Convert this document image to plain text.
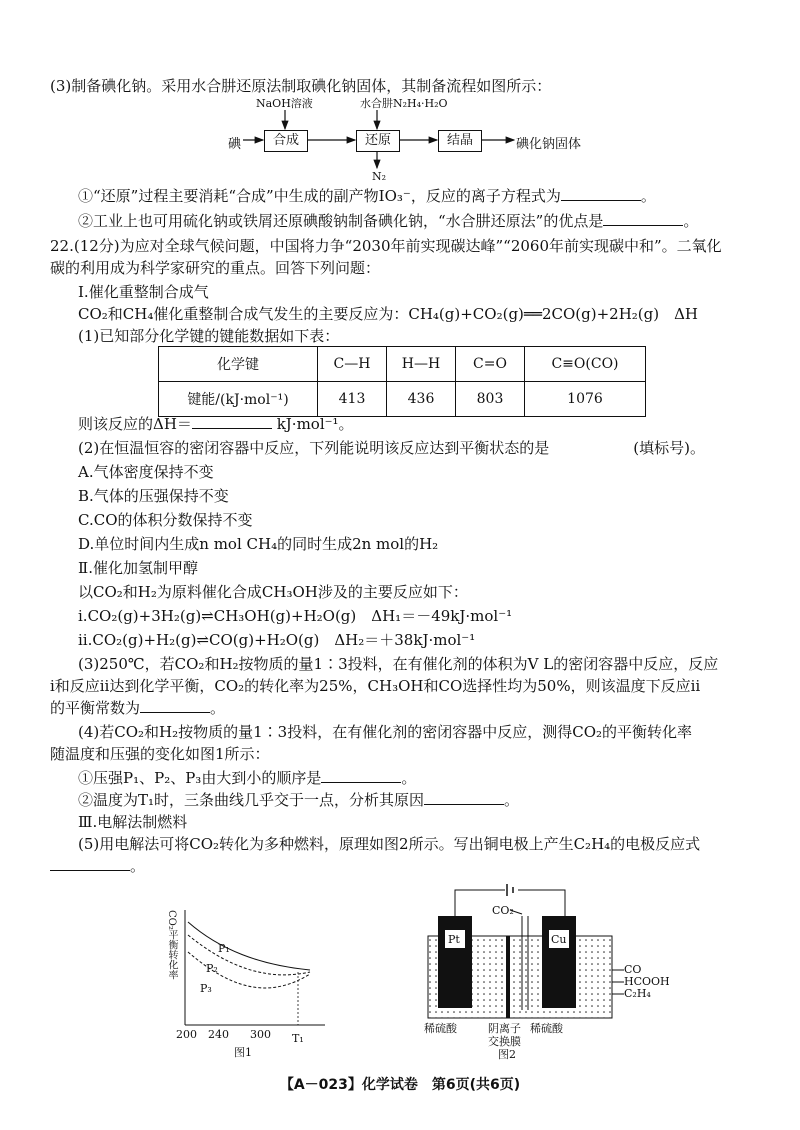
(3)制备碘化钠。采用水合肼还原法制取碘化钠固体，其制备流程如图所示：
NaOH溶液	水合肼N₂H₄·H₂O
碘	合成	还原	结晶	碘化钠固体
N₂
①“还原”过程主要消耗“合成”中生成的副产物IO₃⁻，反应的离子方程式为	。
②工业上也可用硫化钠或铁屑还原碘酸钠制备碘化钠，“水合肼还原法”的优点是	。
22.(12分)为应对全球气候问题，中国将力争“2030年前实现碳达峰”“2060年前实现碳中和”。二氧化
碳的利用成为科学家研究的重点。回答下列问题：
Ⅰ.催化重整制合成气
CO₂和CH₄催化重整制合成气发生的主要反应为：CH₄(g)+CO₂(g)══2CO(g)+2H₂(g)　ΔH
(1)已知部分化学键的键能数据如下表：
化学键	C—H	H—H	C=O	C≡O(CO)
键能/(kJ·mol⁻¹)	413	436	803	1076
则该反应的ΔH＝	kJ·mol⁻¹。
(2)在恒温恒容的密闭容器中反应，下列能说明该反应达到平衡状态的是	(填标号)。
A.气体密度保持不变
B.气体的压强保持不变
C.CO的体积分数保持不变
D.单位时间内生成n mol CH₄的同时生成2n mol的H₂
Ⅱ.催化加氢制甲醇
以CO₂和H₂为原料催化合成CH₃OH涉及的主要反应如下：
ⅰ.CO₂(g)+3H₂(g)⇌CH₃OH(g)+H₂O(g)　ΔH₁＝－49kJ·mol⁻¹
ⅱ.CO₂(g)+H₂(g)⇌CO(g)+H₂O(g)　ΔH₂＝＋38kJ·mol⁻¹
(3)250℃，若CO₂和H₂按物质的量1∶3投料，在有催化剂的体积为V L的密闭容器中反应，反应
ⅰ和反应ⅱ达到化学平衡，CO₂的转化率为25%，CH₃OH和CO选择性均为50%，则该温度下反应ⅱ
的平衡常数为	。
(4)若CO₂和H₂按物质的量1∶3投料，在有催化剂的密闭容器中反应，测得CO₂的平衡转化率
随温度和压强的变化如图1所示：
①压强P₁、P₂、P₃由大到小的顺序是	。
②温度为T₁时，三条曲线几乎交于一点，分析其原因	。
Ⅲ.电解法制燃料
(5)用电解法可将CO₂转化为多种燃料，原理如图2所示。写出铜电极上产生C₂H₄的电极反应式
。
CO₂平衡转化率	P₁
P₂
P₃
200 240 300 T₁
图1
CO₂
Pt	Cu
CO
HCOOH
C₂H₄
稀硫酸	阴离子
交换膜
稀硫酸
图2
【A－023】化学试卷　第6页(共6页)
